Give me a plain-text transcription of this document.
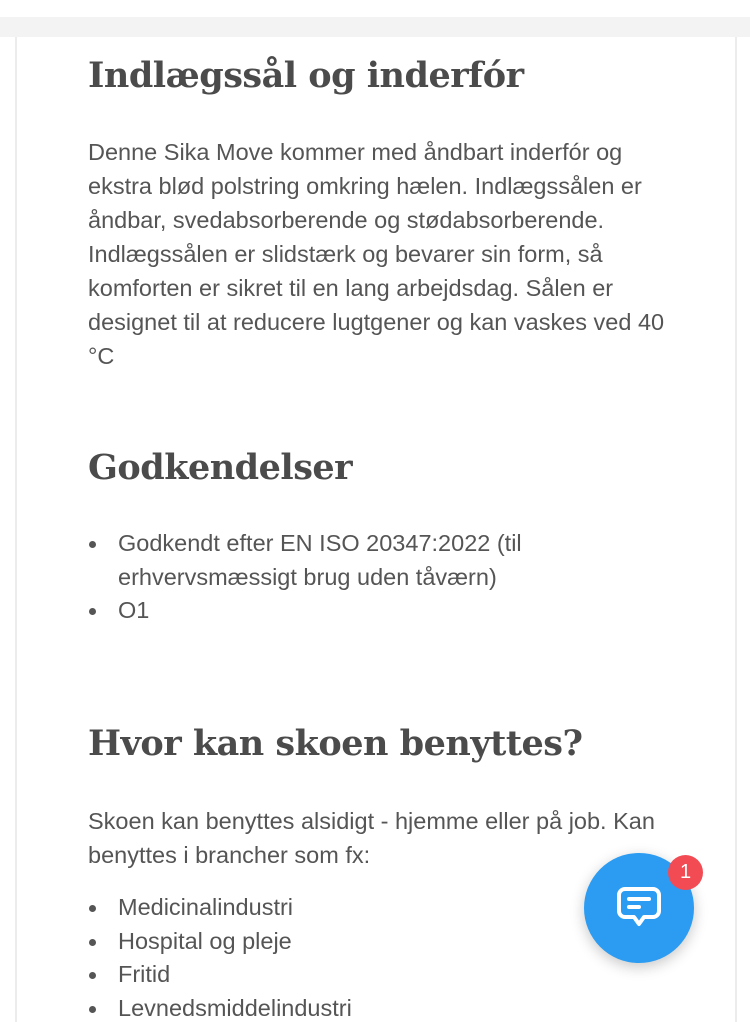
Indlægssål og inderfór

Denne Sika Move kommer med åndbart inderfór og ekstra blød polstring omkring hælen. Indlægssålen er åndbar, svedabsorberende og stødabsorberende. Indlægssålen er slidstærk og bevarer sin form, så komforten er sikret til en lang arbejdsdag. Sålen er designet til at reducere lugtgener og kan vaskes ved 40 °C

Godkendelser
Godkendt efter EN ISO 20347:2022 (til erhvervsmæssigt brug uden tåværn)
O1
Hvor kan skoen benyttes?

Skoen kan benyttes alsidigt - hjemme eller på job. Kan benyttes i brancher som fx:

Medicinalindustri
Hospital og pleje
Fritid
Levnedsmiddelindustri
1
